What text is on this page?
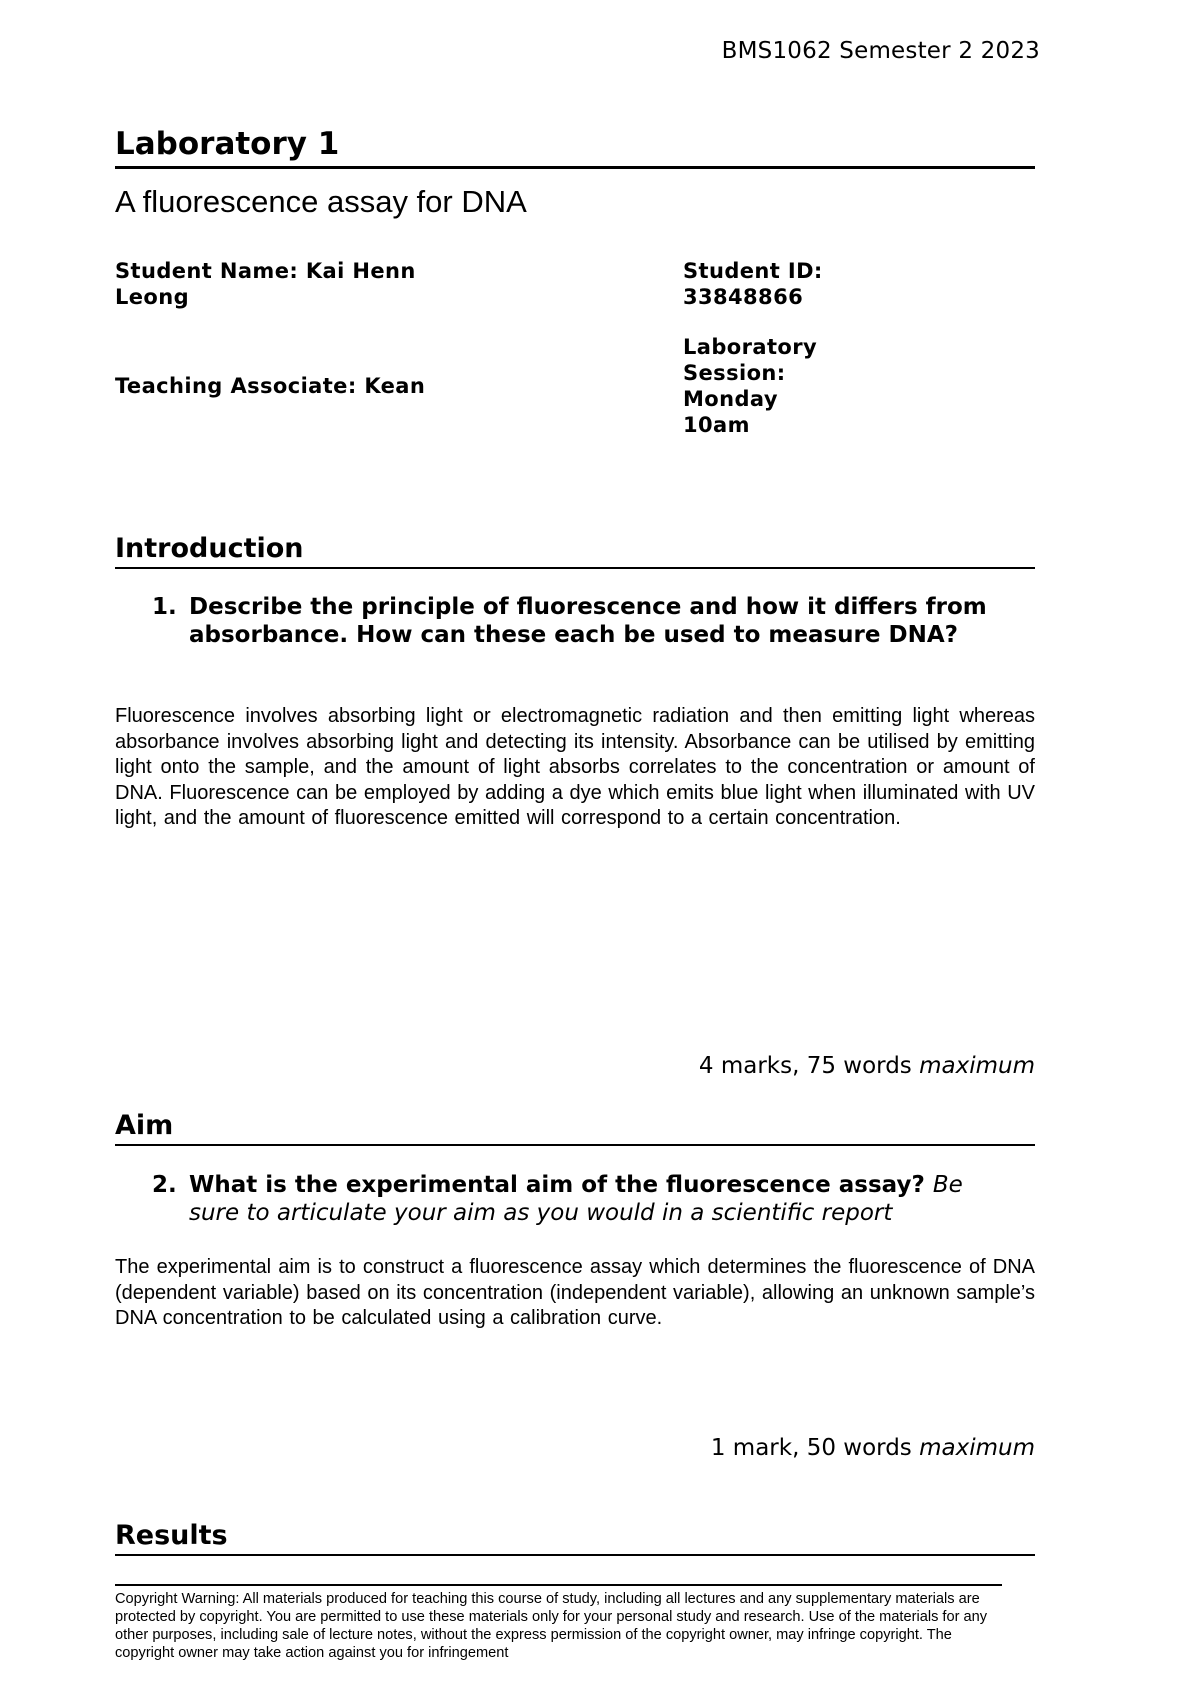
BMS1062 Semester 2 2023
Laboratory 1
A fluorescence assay for DNA
Student Name: Kai Henn
Leong
Student ID:
33848866
Teaching Associate: Kean
Laboratory
Session:
Monday
10am
Introduction
1. Describe the principle of fluorescence and how it differs from
absorbance. How can these each be used to measure DNA?
Fluorescence involves absorbing light or electromagnetic radiation and then emitting light whereas absorbance involves absorbing light and detecting its intensity. Absorbance can be utilised by emitting light onto the sample, and the amount of light absorbs correlates to the concentration or amount of DNA. Fluorescence can be employed by adding a dye which emits blue light when illuminated with UV light, and the amount of fluorescence emitted will correspond to a certain concentration.
4 marks, 75 words maximum
Aim
2. What is the experimental aim of the fluorescence assay? Be
sure to articulate your aim as you would in a scientific report
The experimental aim is to construct a fluorescence assay which determines the fluorescence of DNA (dependent variable) based on its concentration (independent variable), allowing an unknown sample’s DNA concentration to be calculated using a calibration curve.
1 mark, 50 words maximum
Results
Copyright Warning: All materials produced for teaching this course of study, including all lectures and any supplementary materials are protected by copyright. You are permitted to use these materials only for your personal study and research. Use of the materials for any other purposes, including sale of lecture notes, without the express permission of the copyright owner, may infringe copyright. The copyright owner may take action against you for infringement
